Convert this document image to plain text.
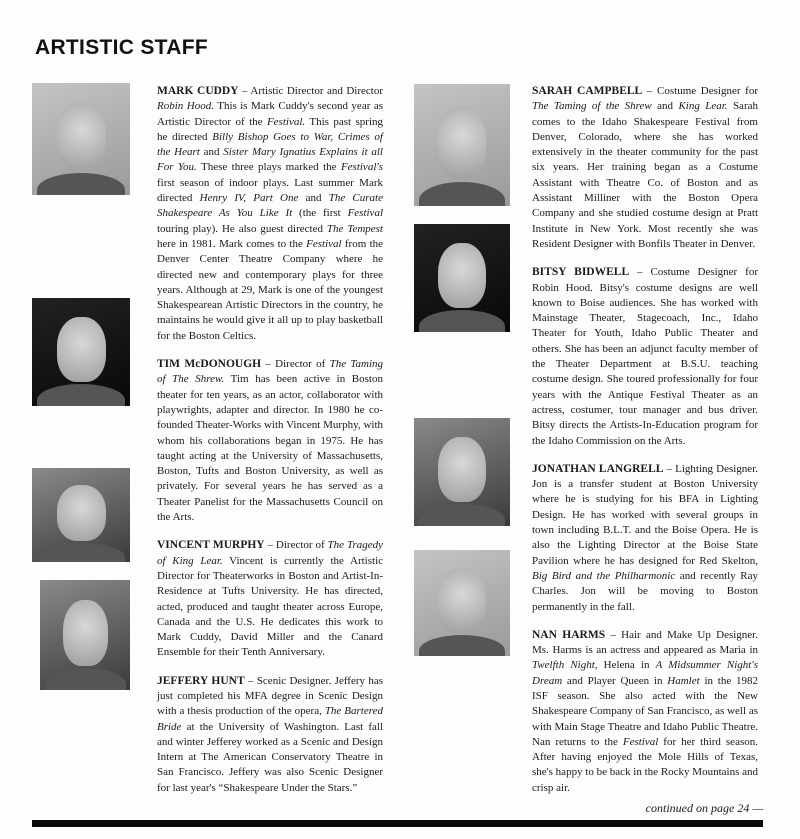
ARTISTIC STAFF
MARK CUDDY – Artistic Director and Director Robin Hood. This is Mark Cuddy's second year as Artistic Director of the Festival. This past spring he directed Billy Bishop Goes to War, Crimes of the Heart and Sister Mary Ignatius Explains it all For You. These three plays marked the Festival's first season of indoor plays. Last summer Mark directed Henry IV, Part One and The Curate Shakespeare As You Like It (the first Festival touring play). He also guest directed The Tempest here in 1981. Mark comes to the Festival from the Denver Center Theatre Company where he directed new and contemporary plays for three years. Although at 29, Mark is one of the youngest Shakespearean Artistic Directors in the country, he maintains he would give it all up to play basketball for the Boston Celtics.
TIM McDONOUGH – Director of The Taming of The Shrew. Tim has been active in Boston theater for ten years, as an actor, collaborator with playwrights, adapter and director. In 1980 he co-founded Theater-Works with Vincent Murphy, with whom his collaborations began in 1975. He has taught acting at the University of Massachusetts, Boston, Tufts and Boston University, as well as privately. For several years he has served as a Theater Panelist for the Massachusetts Council on the Arts.
VINCENT MURPHY – Director of The Tragedy of King Lear. Vincent is currently the Artistic Director for Theaterworks in Boston and Artist-In-Residence at Tufts University. He has directed, acted, produced and taught theater across Europe, Canada and the U.S. He dedicates this work to Mark Cuddy, David Miller and the Canard Ensemble for their Tenth Anniversary.
JEFFERY HUNT – Scenic Designer. Jeffery has just completed his MFA degree in Scenic Design with a thesis production of the opera, The Bartered Bride at the University of Washington. Last fall and winter Jefferey worked as a Scenic and Design Intern at The American Conservatory Theatre in San Francisco. Jeffery was also Scenic Designer for last year's “Shakespeare Under the Stars.”
SARAH CAMPBELL – Costume Designer for The Taming of the Shrew and King Lear. Sarah comes to the Idaho Shakespeare Festival from Denver, Colorado, where she has worked extensively in the theater community for the past six years. Her training began as a Costume Assistant with Theatre Co. of Boston and as Assistant Milliner with the Boston Opera Company and she studied costume design at Pratt Institute in New York. Most recently she was Resident Designer with Bonfils Theater in Denver.
BITSY BIDWELL – Costume Designer for Robin Hood. Bitsy's costume designs are well known to Boise audiences. She has worked with Mainstage Theater, Stagecoach, Inc., Idaho Theater for Youth, Idaho Public Theater and others. She has been an adjunct faculty member of the Theater Department at B.S.U. teaching costume design. She toured professionally for four years with the Antique Festival Theater as an actress, costumer, tour manager and bus driver. Bitsy directs the Artists-In-Education program for the Idaho Commission on the Arts.
JONATHAN LANGRELL – Lighting Designer. Jon is a transfer student at Boston University where he is studying for his BFA in Lighting Design. He has worked with several groups in town including B.L.T. and the Boise Opera. He is also the Lighting Director at the Boise State Pavilion where he has designed for Red Skelton, Big Bird and the Philharmonic and recently Ray Charles. Jon will be moving to Boston permanently in the fall.
NAN HARMS – Hair and Make Up Designer. Ms. Harms is an actress and appeared as Maria in Twelfth Night, Helena in A Midsummer Night's Dream and Player Queen in Hamlet in the 1982 ISF season. She also acted with the New Shakespeare Company of San Francisco, as well as with Main Stage Theatre and Idaho Public Theatre. Nan returns to the Festival for her third season. After having enjoyed the Mole Hills of Texas, she's happy to be back in the Rocky Mountains and crisp air.
continued on page 24 —
